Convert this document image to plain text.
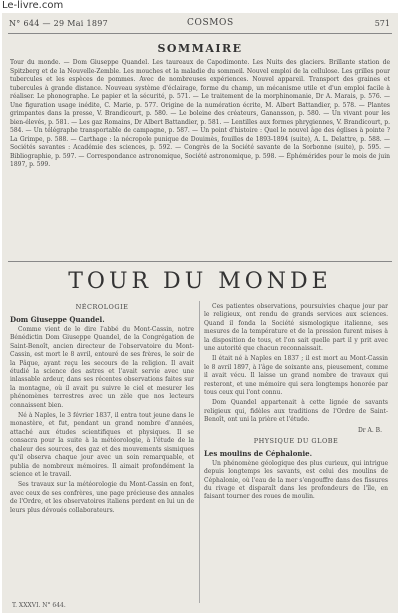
Le-livre.com
N° 644 — 29 Mai 1897	COSMOS	571
SOMMAIRE
Tour du monde. — Dom Giuseppe Quandel. Les taureaux de Capodimonte. Les Nuits des glaciers. Brillante station de Spitzberg et de la Nouvelle-Zemble. Les mouches et la maladie du sommeil. Nouvel emploi de la cellulose. Les grilles pour tubercules et les espèces de pommes. Avec de nombreuses expériences. Nouvel appareil. Transport des graines et tubercules à grande distance. Nouveau système d'éclairage, forme du champ, un mécanisme utile et d'un emploi facile à réaliser. Le phonographe. Le papier et la sécurité, p. 571. — Le traitement de la morphinomanie, Dr A. Marais, p. 576. — Une figuration usage inédite, C. Marie, p. 577. Origine de la numération écrite, M. Albert Battandier, p. 578. — Plantes grimpantes dans la presse, V. Brandicourt, p. 580. — Le boleine des créateurs, Ganansson, p. 580. — Un vivant pour les bien-élevés, p. 581. — Les gaz Romains, Dr Albert Battandier, p. 581. — Lentilles aux formes phrygiennes, V. Brandicourt, p. 584. — Un télégraphe transportable de campagne, p. 587. — Un point d'histoire : Quel le nouvel âge des églises à pointe ? La Grimpe, p. 588. — Carthage : la nécropole punique de Douimès, fouilles de 1893-1894 (suite), A. L. Delattre, p. 588. — Sociétés savantes : Académie des sciences, p. 592. — Congrès de la Société savante de la Sorbonne (suite), p. 595. — Bibliographie, p. 597. — Correspondance astronomique, Société astronomique, p. 598. — Éphémérides pour le mois de juin 1897, p. 599.
TOUR DU MONDE
NÉCROLOGIE
Dom Giuseppe Quandel.

Comme vient de le dire l'abbé du Mont-Cassin, notre Bénédictin Dom Giuseppe Quandel, de la Congrégation de Saint-Benoît, ancien directeur de l'observatoire du Mont-Cassin, est mort le 8 avril, entouré de ses frères, le soir de la Pâque, ayant reçu les secours de la religion. Il avait étudié la science des astres et l'avait servie avec une inlassable ardeur, dans ses récentes observations faites sur la montagne, où il avait pu suivre le ciel et mesurer les phénomènes terrestres avec un zèle que nos lecteurs connaissent bien.

Né à Naples, le 3 février 1837, il entra tout jeune dans le monastère, et fut, pendant un grand nombre d'années, attaché aux études scientifiques et physiques. Il se consacra pour la suite à la météorologie, à l'étude de la chaleur des sources, des gaz et des mouvements sismiques qu'il observa chaque jour avec un soin remarquable, et publia de nombreux mémoires. Il aimait profondément la science et le travail.

Ses travaux sur la météorologie du Mont-Cassin en font, avec ceux de ses confrères, une page précieuse des annales de l'Ordre, et les observatoires italiens perdent en lui un de leurs plus dévoués collaborateurs.

Ces patientes observations, poursuivies chaque jour par le religieux, ont rendu de grands services aux sciences. Quand il fonda la Société sismologique italienne, ses mesures de la température et de la pression furent mises à la disposition de tous, et l'on sait quelle part il y prit avec une autorité que chacun reconnaissait.

Il était né à Naples en 1837 ; il est mort au Mont-Cassin le 8 avril 1897, à l'âge de soixante ans, pieusement, comme il avait vécu. Il laisse un grand nombre de travaux qui resteront, et une mémoire qui sera longtemps honorée par tous ceux qui l'ont connu.

Dom Quandel appartenait à cette lignée de savants religieux qui, fidèles aux traditions de l'Ordre de Saint-Benoît, ont uni la prière et l'étude.

Dr A. B.
PHYSIQUE DU GLOBE
Les moulins de Céphalonie.

Un phénomène géologique des plus curieux, qui intrigue depuis longtemps les savants, est celui des moulins de Céphalonie, où l'eau de la mer s'engouffre dans des fissures du rivage et disparaît dans les profondeurs de l'île, en faisant tourner des roues de moulin.

T. XXXVI. N° 644.
